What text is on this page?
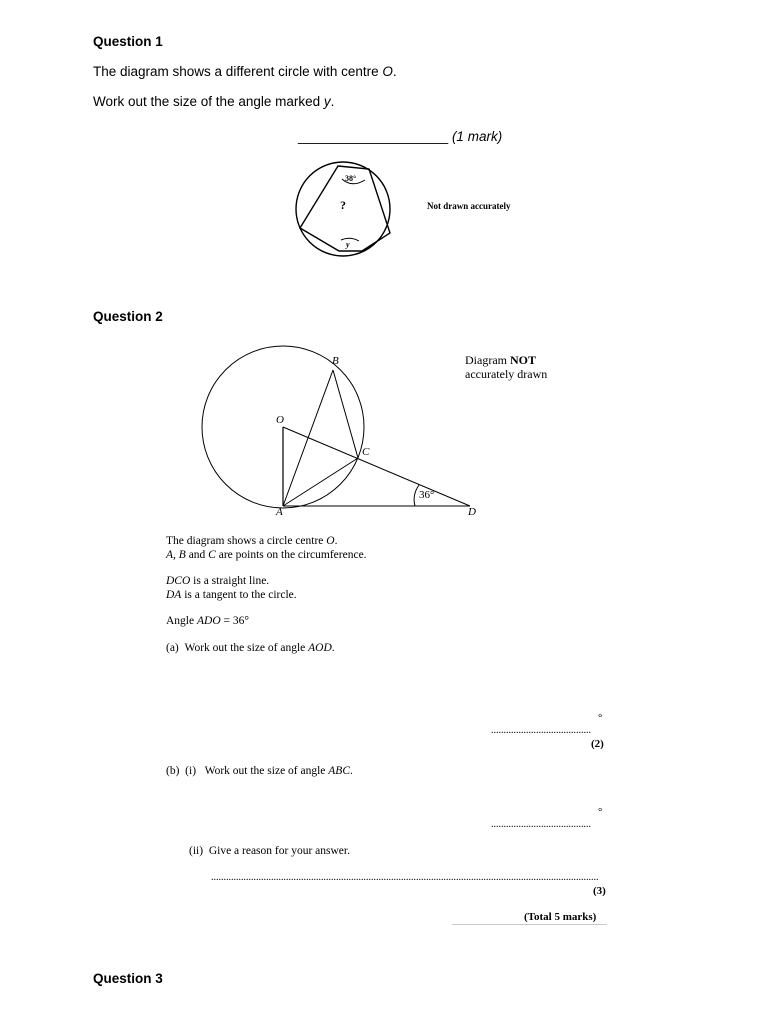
Question 1
The diagram shows a different circle with centre O.
Work out the size of the angle marked y.
____________________ (1 mark)
38°
?
y
Not drawn accurately
Question 2
B
O
C
A	D
36°
Diagram NOT
accurately drawn
The diagram shows a circle centre O.
A, B and C are points on the circumference.
DCO is a straight line.
DA is a tangent to the circle.
Angle ADO = 36°
(a) Work out the size of angle AOD.
........................................
°
(2)
(b) (i) Work out the size of angle ABC.
........................................
°
(ii) Give a reason for your answer.
...........................................................................................................................................................
(3)
(Total 5 marks)
Question 3
